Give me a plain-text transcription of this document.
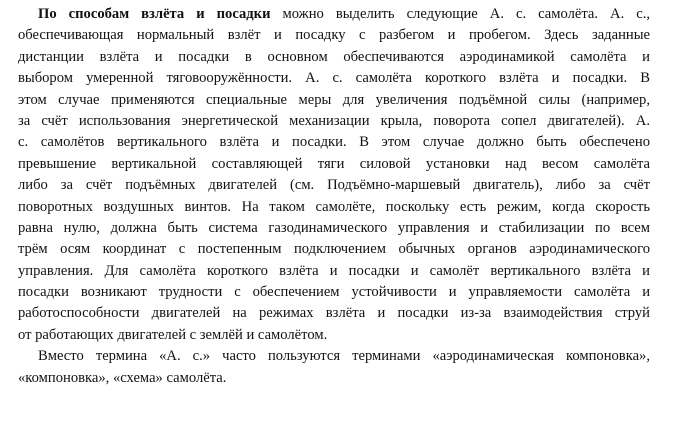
По способам взлёта и посадки можно выделить следующие А. с. самолёта. А. с.,
обеспечивающая нормальный взлёт и посадку с разбегом и пробегом. Здесь заданные
дистанции взлёта и посадки в основном обеспечиваются аэродинамикой самолёта и
выбором умеренной тяговооружённости. А. с. самолёта короткого взлёта и посадки. В
этом случае применяются специальные меры для увеличения подъёмной силы (например,
за счёт использования энергетической механизации крыла, поворота сопел двигателей). А.
с. самолётов вертикального взлёта и посадки. В этом случае должно быть обеспечено
превышение вертикальной составляющей тяги силовой установки над весом самолёта
либо за счёт подъёмных двигателей (см. Подъёмно-маршевый двигатель), либо за счёт
поворотных воздушных винтов. На таком самолёте, поскольку есть режим, когда скорость
равна нулю, должна быть система газодинамического управления и стабилизации по всем
трём осям координат с постепенным подключением обычных органов аэродинамического
управления. Для самолёта короткого взлёта и посадки и самолёт вертикального взлёта и
посадки возникают трудности с обеспечением устойчивости и управляемости самолёта и
работоспособности двигателей на режимах взлёта и посадки из-за взаимодействия струй
от работающих двигателей с землёй и самолётом.
Вместо термина «А. с.» часто пользуются терминами «аэродинамическая компоновка»,
«компоновка», «схема» самолёта.
